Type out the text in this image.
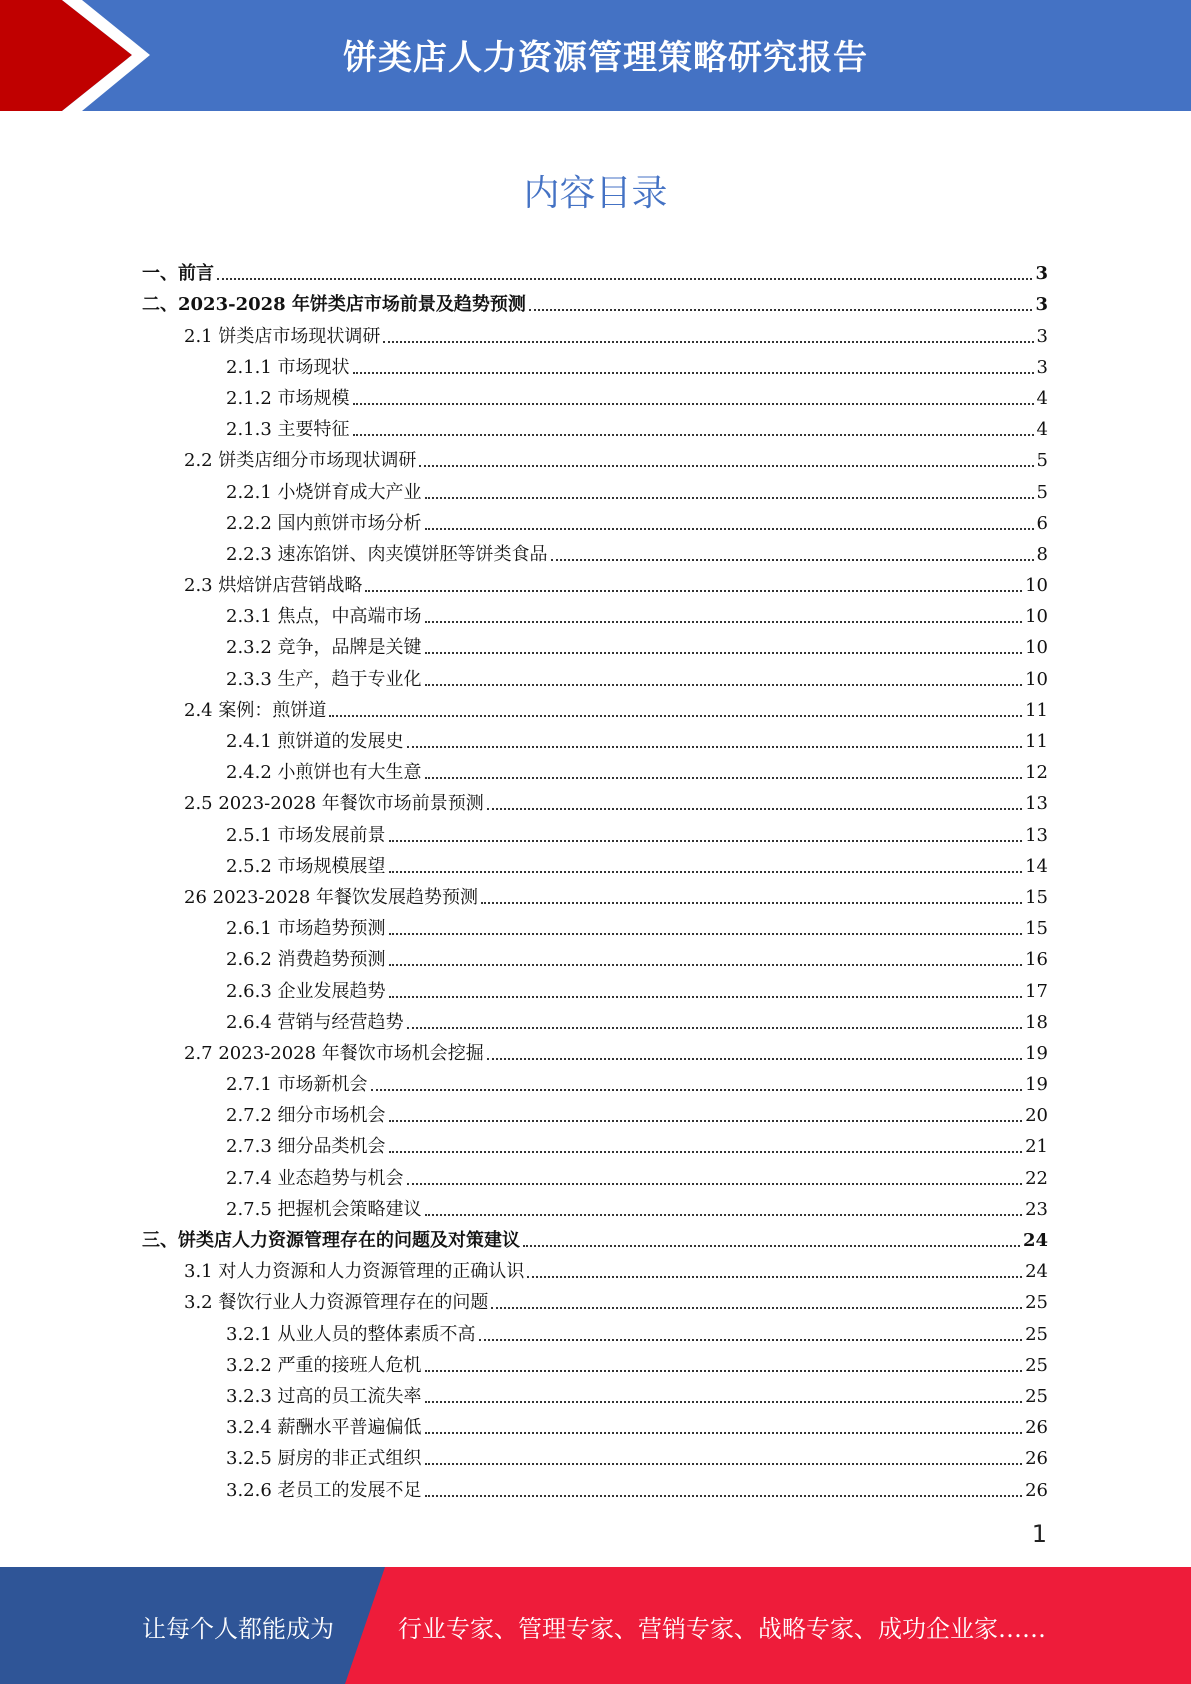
饼类店人力资源管理策略研究报告
内容目录
一、前言	3
二、2023-2028 年饼类店市场前景及趋势预测	3
2.1 饼类店市场现状调研	3
2.1.1 市场现状	3
2.1.2 市场规模	4
2.1.3 主要特征	4
2.2 饼类店细分市场现状调研	5
2.2.1 小烧饼育成大产业	5
2.2.2 国内煎饼市场分析	6
2.2.3 速冻馅饼、肉夹馍饼胚等饼类食品	8
2.3 烘焙饼店营销战略	10
2.3.1 焦点，中高端市场	10
2.3.2 竞争，品牌是关键	10
2.3.3 生产，趋于专业化	10
2.4 案例：煎饼道	11
2.4.1 煎饼道的发展史	11
2.4.2 小煎饼也有大生意	12
2.5 2023-2028 年餐饮市场前景预测	13
2.5.1 市场发展前景	13
2.5.2 市场规模展望	14
26 2023-2028 年餐饮发展趋势预测	15
2.6.1 市场趋势预测	15
2.6.2 消费趋势预测	16
2.6.3 企业发展趋势	17
2.6.4 营销与经营趋势	18
2.7 2023-2028 年餐饮市场机会挖掘	19
2.7.1 市场新机会	19
2.7.2 细分市场机会	20
2.7.3 细分品类机会	21
2.7.4 业态趋势与机会	22
2.7.5 把握机会策略建议	23
三、饼类店人力资源管理存在的问题及对策建议	24
3.1 对人力资源和人力资源管理的正确认识	24
3.2 餐饮行业人力资源管理存在的问题	25
3.2.1 从业人员的整体素质不高	25
3.2.2 严重的接班人危机	25
3.2.3 过高的员工流失率	25
3.2.4 薪酬水平普遍偏低	26
3.2.5 厨房的非正式组织	26
3.2.6 老员工的发展不足	26
1
让每个人都能成为	行业专家、管理专家、营销专家、战略专家、成功企业家……
